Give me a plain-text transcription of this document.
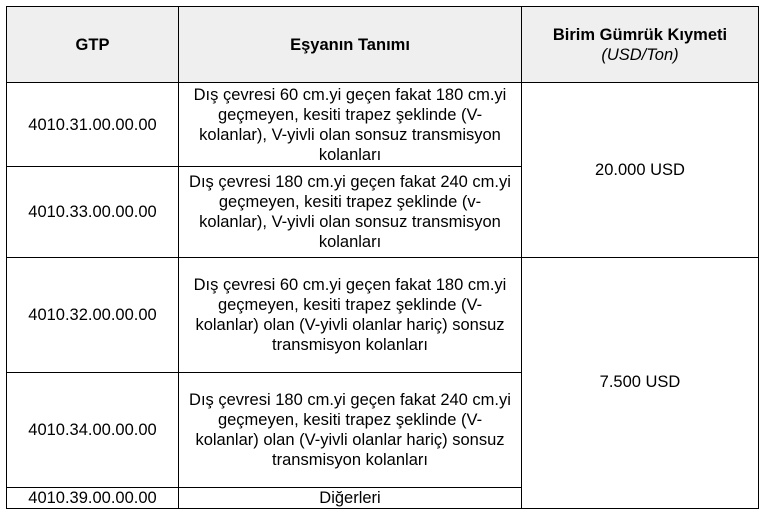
GTP	Eşyanın Tanımı	Birim Gümrük Kıymeti
(USD/Ton)

4010.31.00.00.00	Dış çevresi 60 cm.yi geçen fakat 180 cm.yi geçmeyen, kesiti trapez şeklinde (V-kolanlar), V-yivli olan sonsuz transmisyon kolanları	20.000 USD
4010.33.00.00.00	Dış çevresi 180 cm.yi geçen fakat 240 cm.yi geçmeyen, kesiti trapez şeklinde (v-kolanlar), V-yivli olan sonsuz transmisyon kolanları	
4010.32.00.00.00	Dış çevresi 60 cm.yi geçen fakat 180 cm.yi geçmeyen, kesiti trapez şeklinde (V-kolanlar) olan (V-yivli olanlar hariç) sonsuz transmisyon kolanları	7.500 USD
4010.34.00.00.00	Dış çevresi 180 cm.yi geçen fakat 240 cm.yi geçmeyen, kesiti trapez şeklinde (V-kolanlar) olan (V-yivli olanlar hariç) sonsuz transmisyon kolanları	
4010.39.00.00.00	Diğerleri	
